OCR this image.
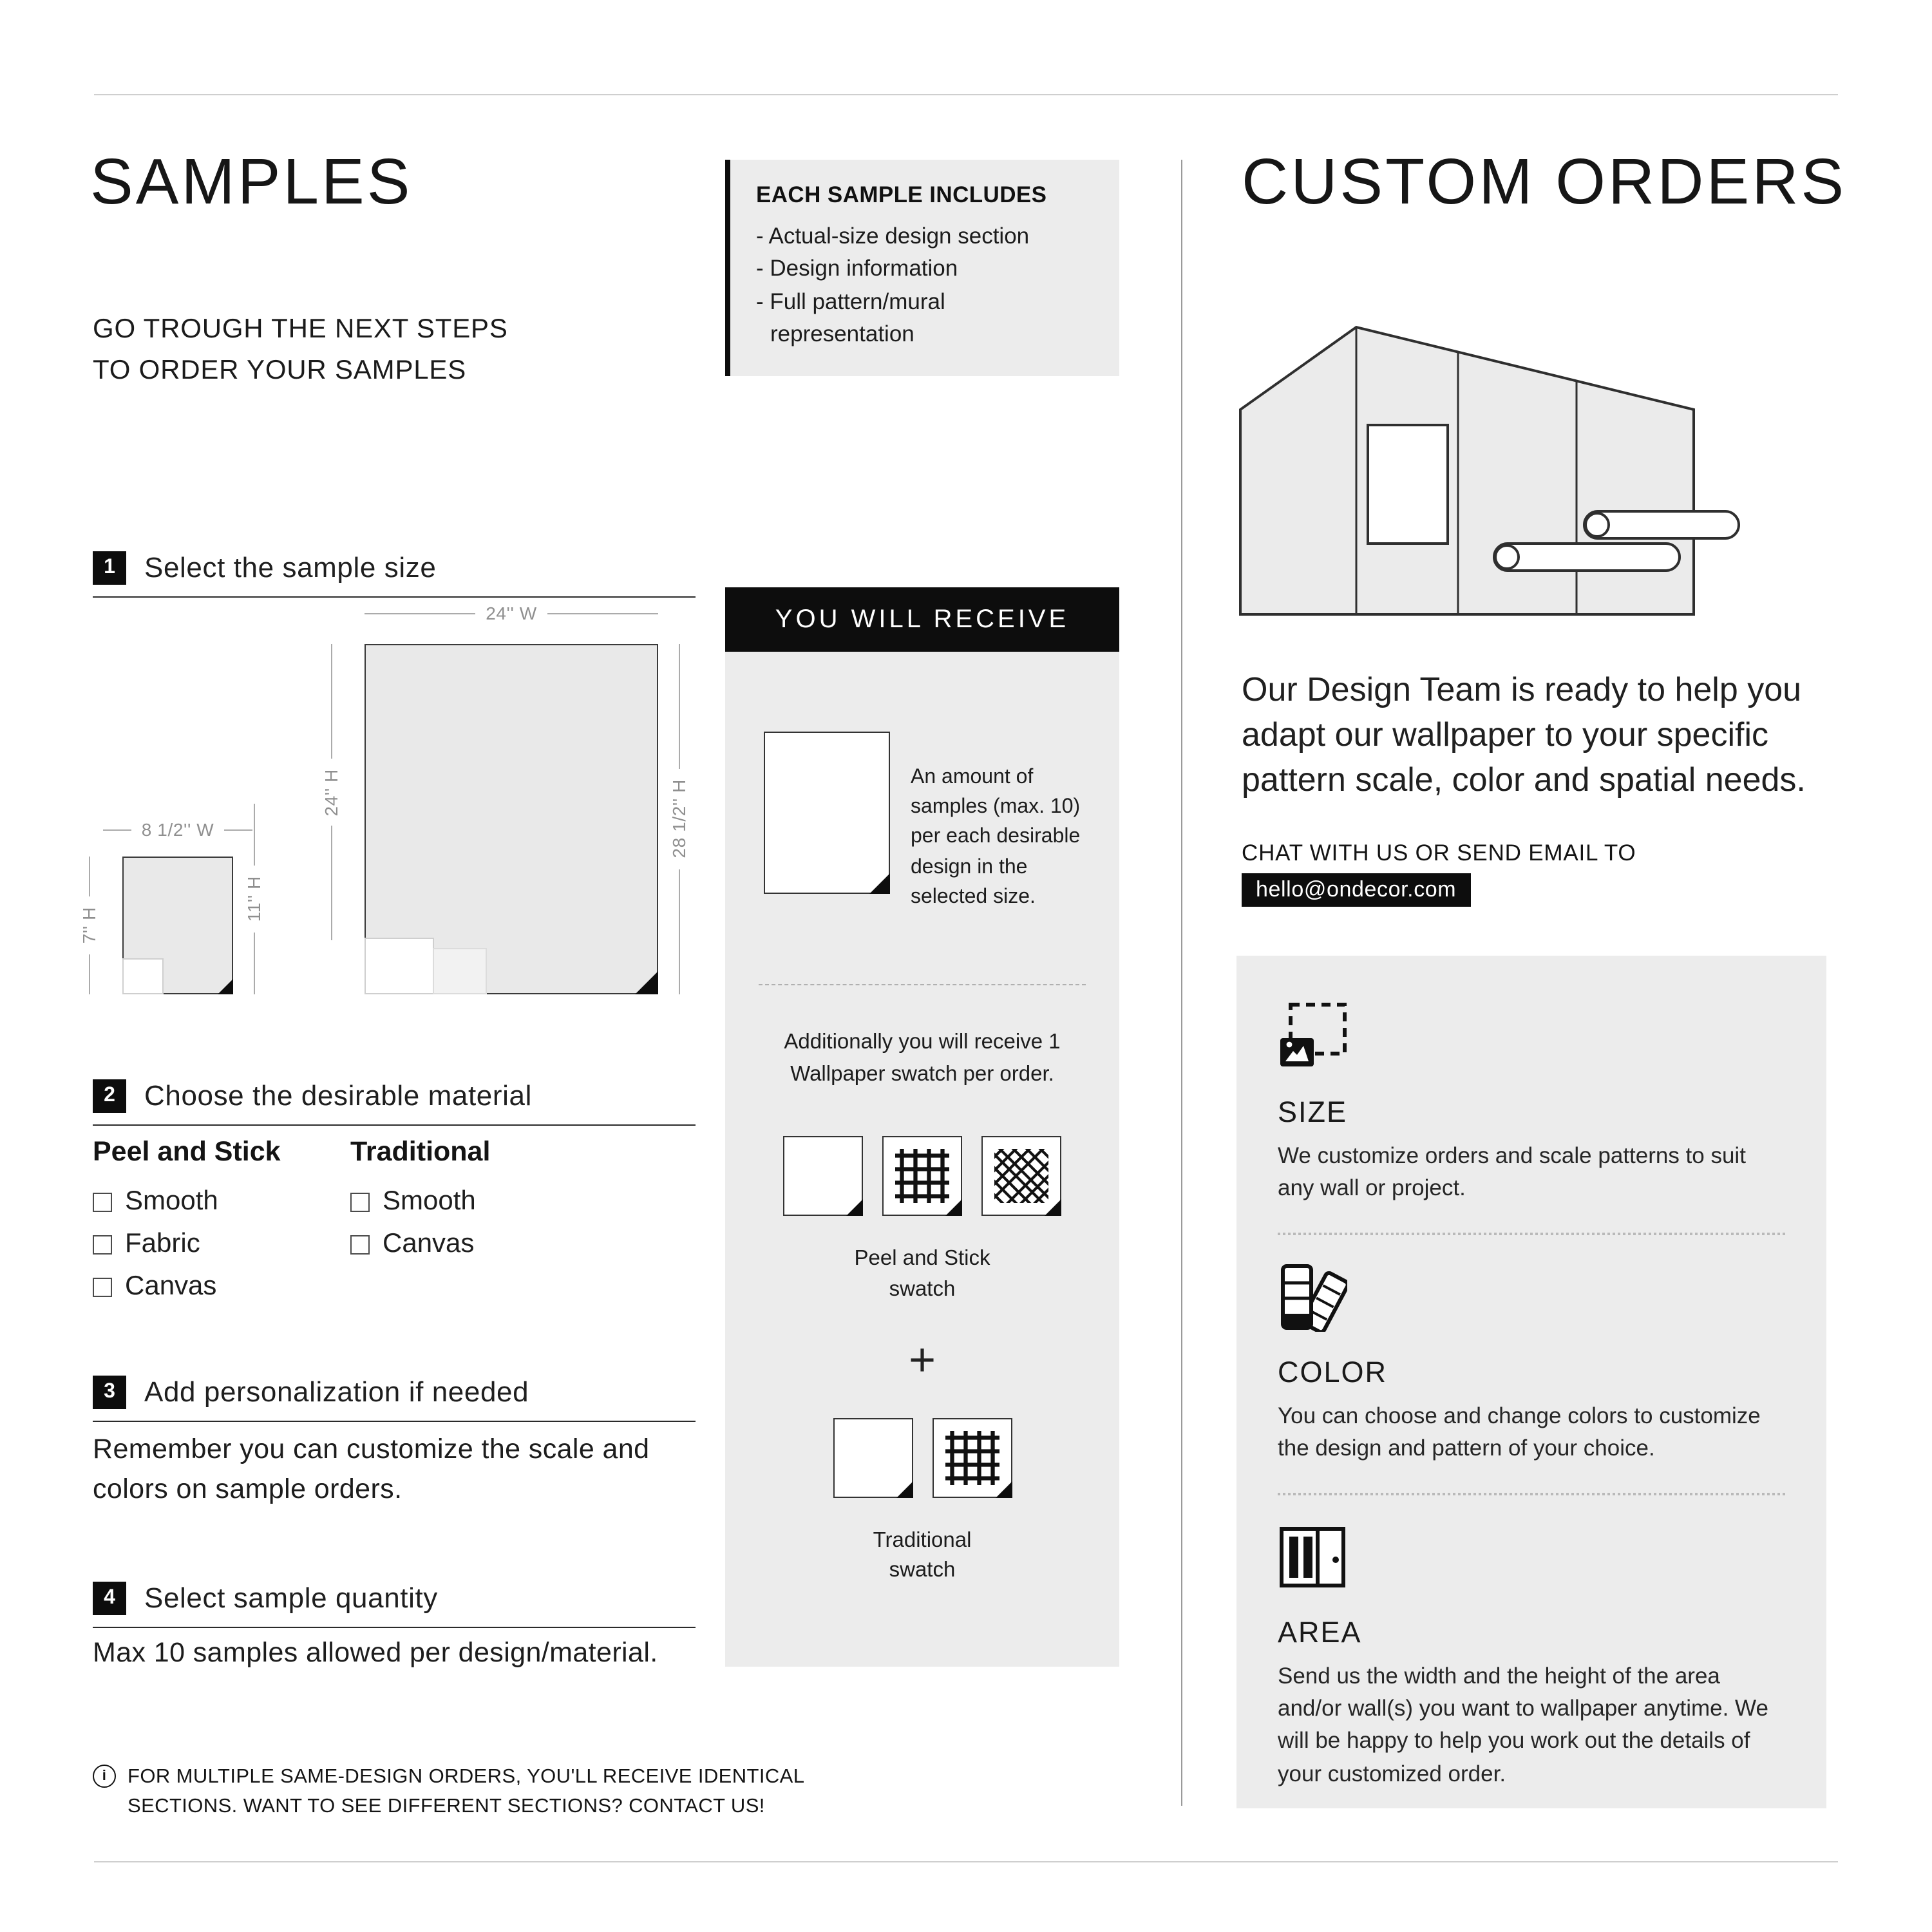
SAMPLES
GO TROUGH THE NEXT STEPS
TO ORDER YOUR SAMPLES
1	Select the sample size
24'' W
24'' H	28 1/2'' H
8 1/2'' W
7'' H
11'' H
2	Choose the desirable material
Peel and Stick
Smooth
Fabric
Canvas
Traditional
Smooth
Canvas
3	Add personalization if needed
Remember you can customize the scale and colors on sample orders.
4	Select sample quantity
Max 10 samples allowed per design/material.
i	FOR MULTIPLE SAME-DESIGN ORDERS, YOU'LL RECEIVE IDENTICAL SECTIONS. WANT TO SEE DIFFERENT SECTIONS? CONTACT US!
EACH SAMPLE INCLUDES
- Actual-size design section
- Design information
- Full pattern/mural representation
YOU WILL RECEIVE
An amount of samples (max. 10) per each desirable design in the selected size.
Additionally you will receive 1 Wallpaper swatch per order.
Peel and Stick swatch
+
Traditional swatch
CUSTOM ORDERS
Our Design Team is ready to help you adapt our wallpaper to your specific pattern scale, color and spatial needs.
CHAT WITH US OR SEND EMAIL TO
hello@ondecor.com
SIZE

We customize orders and scale patterns to suit any wall or project.

COLOR

You can choose and change colors to customize the design and pattern of your choice.

AREA

Send us the width and the height of the area and/or wall(s) you want to wallpaper anytime. We will be happy to help you work out the details of your customized order.
